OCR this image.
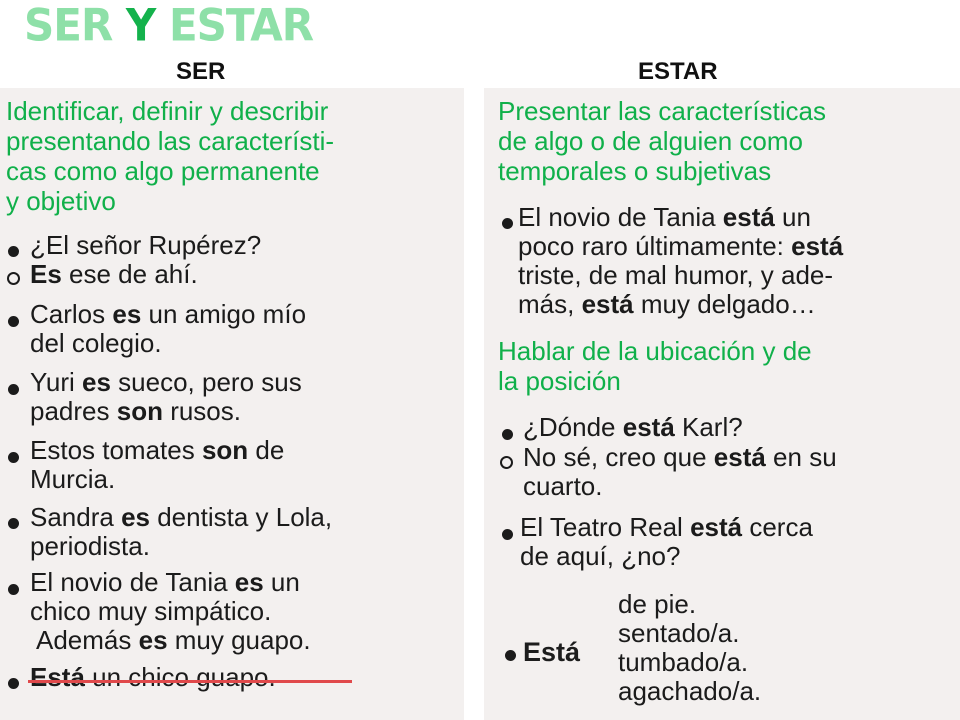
SER Y ESTAR
SER	ESTAR

Identificar, definir y describir
presentando las característi-
cas como algo permanente
y objetivo

¿El señor Rupérez?

Es ese de ahí.

Carlos es un amigo mío
del colegio.

Yuri es sueco, pero sus
padres son rusos.

Estos tomates son de
Murcia.

Sandra es dentista y Lola,
periodista.

El novio de Tania es un
chico muy simpático.
Además es muy guapo.

Está un chico guapo.

Presentar las características
de algo o de alguien como
temporales o subjetivas

El novio de Tania está un
poco raro últimamente: está
triste, de mal humor, y ade-
más, está muy delgado…

Hablar de la ubicación y de
la posición

¿Dónde está Karl?

No sé, creo que está en su
cuarto.

El Teatro Real está cerca
de aquí, ¿no?

Está

de pie.
sentado/a.
tumbado/a.
agachado/a.
